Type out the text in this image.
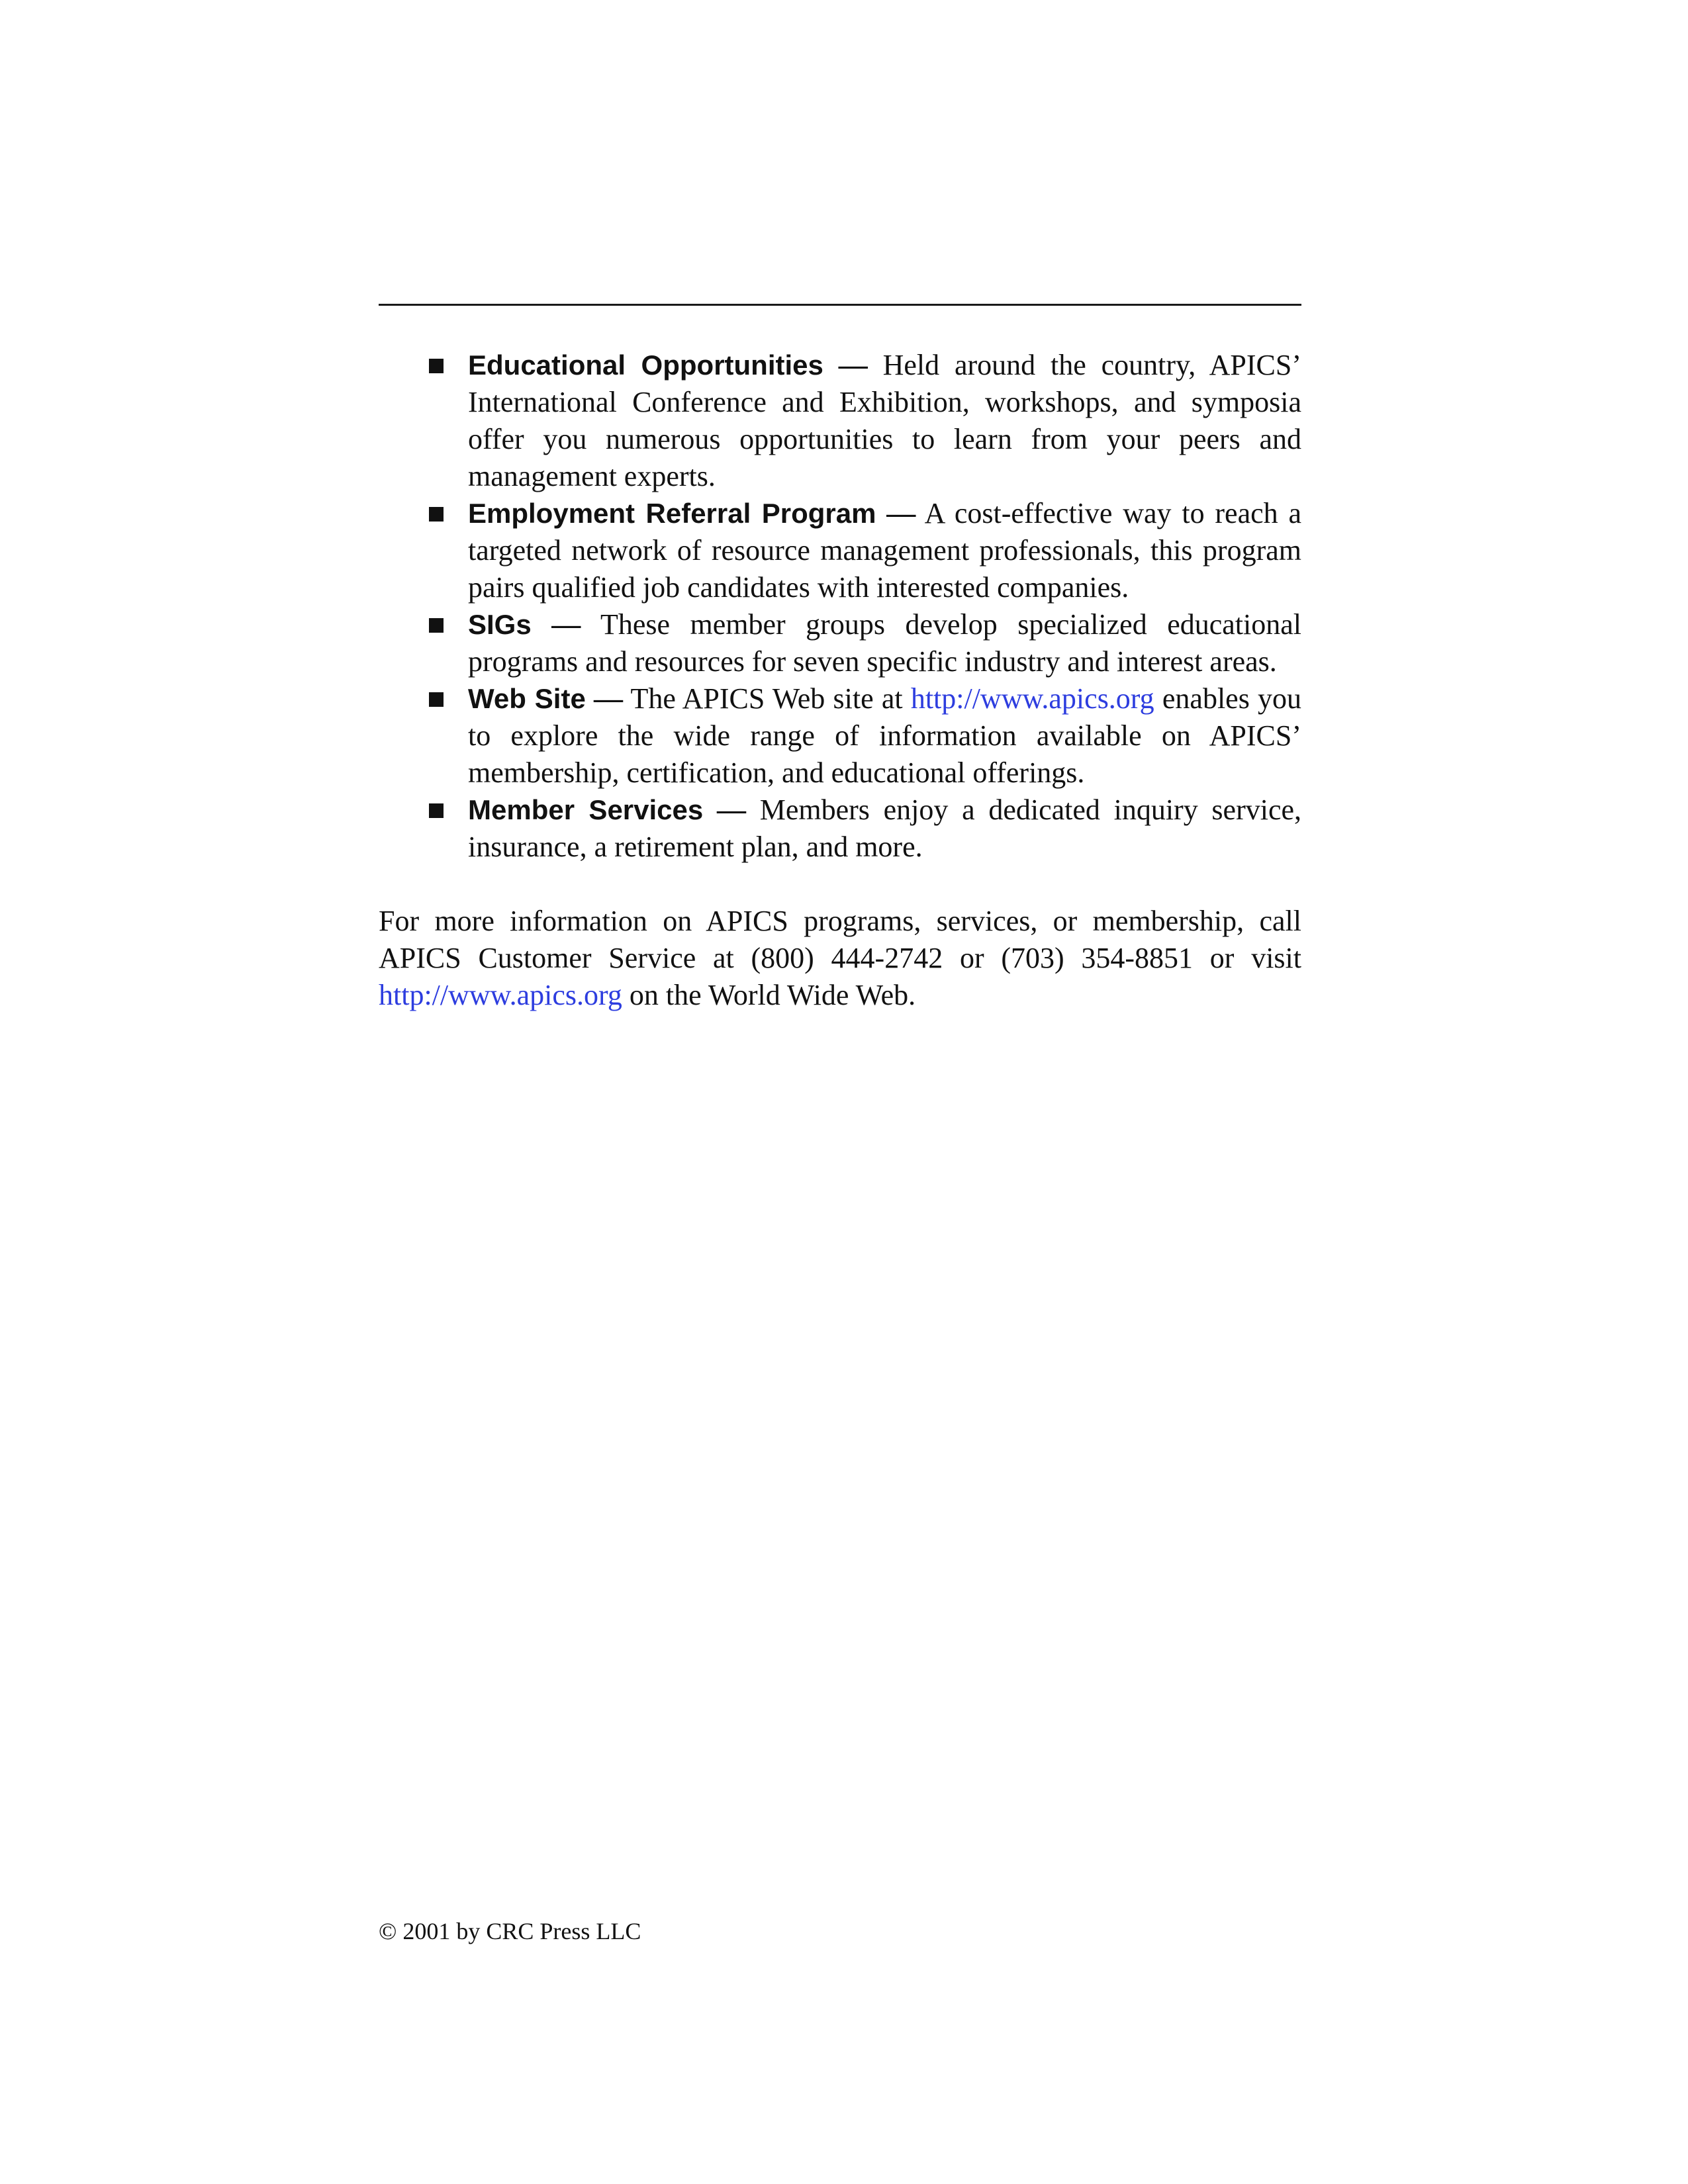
Educational Opportunities — Held around the country, APICS’ International Conference and Exhibition, workshops, and symposia offer you numerous opportunities to learn from your peers and management experts.
Employment Referral Program — A cost-effective way to reach a targeted network of resource management professionals, this program pairs qualified job candidates with interested companies.
SIGs — These member groups develop specialized educational programs and resources for seven specific industry and interest areas.
Web Site — The APICS Web site at http://www.apics.org enables you to explore the wide range of information available on APICS’ membership, certification, and educational offerings.
Member Services — Members enjoy a dedicated inquiry service, insurance, a retirement plan, and more.

For more information on APICS programs, services, or membership, call APICS Customer Service at (800) 444-2742 or (703) 354-8851 or visit http://www.apics.org on the World Wide Web.

© 2001 by CRC Press LLC
